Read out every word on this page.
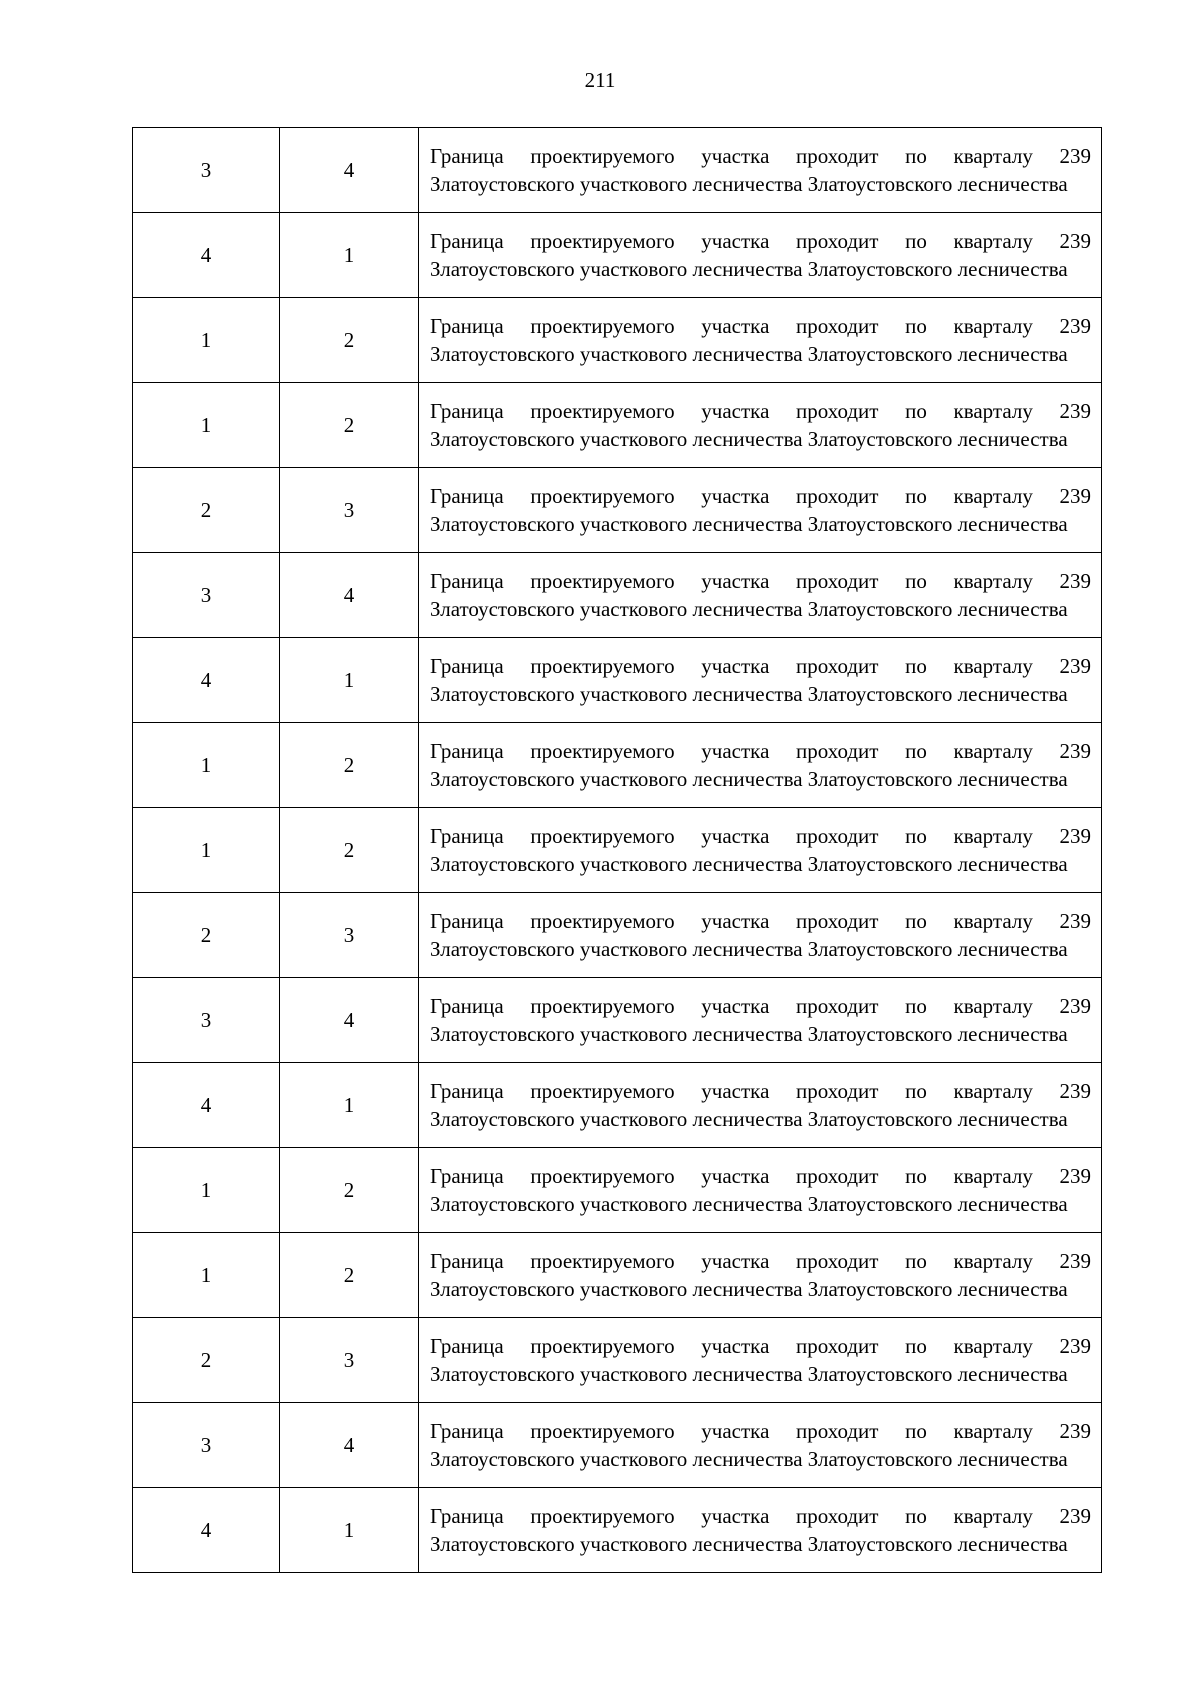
211
3	4	Граница проектируемого участка проходит по кварталу 239 Златоустовского участкового лесничества Златоустовского лесничества

4	1	Граница проектируемого участка проходит по кварталу 239 Златоустовского участкового лесничества Златоустовского лесничества

1	2	Граница проектируемого участка проходит по кварталу 239 Златоустовского участкового лесничества Златоустовского лесничества

1	2	Граница проектируемого участка проходит по кварталу 239 Златоустовского участкового лесничества Златоустовского лесничества

2	3	Граница проектируемого участка проходит по кварталу 239 Златоустовского участкового лесничества Златоустовского лесничества

3	4	Граница проектируемого участка проходит по кварталу 239 Златоустовского участкового лесничества Златоустовского лесничества

4	1	Граница проектируемого участка проходит по кварталу 239 Златоустовского участкового лесничества Златоустовского лесничества

1	2	Граница проектируемого участка проходит по кварталу 239 Златоустовского участкового лесничества Златоустовского лесничества

1	2	Граница проектируемого участка проходит по кварталу 239 Златоустовского участкового лесничества Златоустовского лесничества

2	3	Граница проектируемого участка проходит по кварталу 239 Златоустовского участкового лесничества Златоустовского лесничества

3	4	Граница проектируемого участка проходит по кварталу 239 Златоустовского участкового лесничества Златоустовского лесничества

4	1	Граница проектируемого участка проходит по кварталу 239 Златоустовского участкового лесничества Златоустовского лесничества

1	2	Граница проектируемого участка проходит по кварталу 239 Златоустовского участкового лесничества Златоустовского лесничества

1	2	Граница проектируемого участка проходит по кварталу 239 Златоустовского участкового лесничества Златоустовского лесничества

2	3	Граница проектируемого участка проходит по кварталу 239 Златоустовского участкового лесничества Златоустовского лесничества

3	4	Граница проектируемого участка проходит по кварталу 239 Златоустовского участкового лесничества Златоустовского лесничества

4	1	Граница проектируемого участка проходит по кварталу 239 Златоустовского участкового лесничества Златоустовского лесничества
